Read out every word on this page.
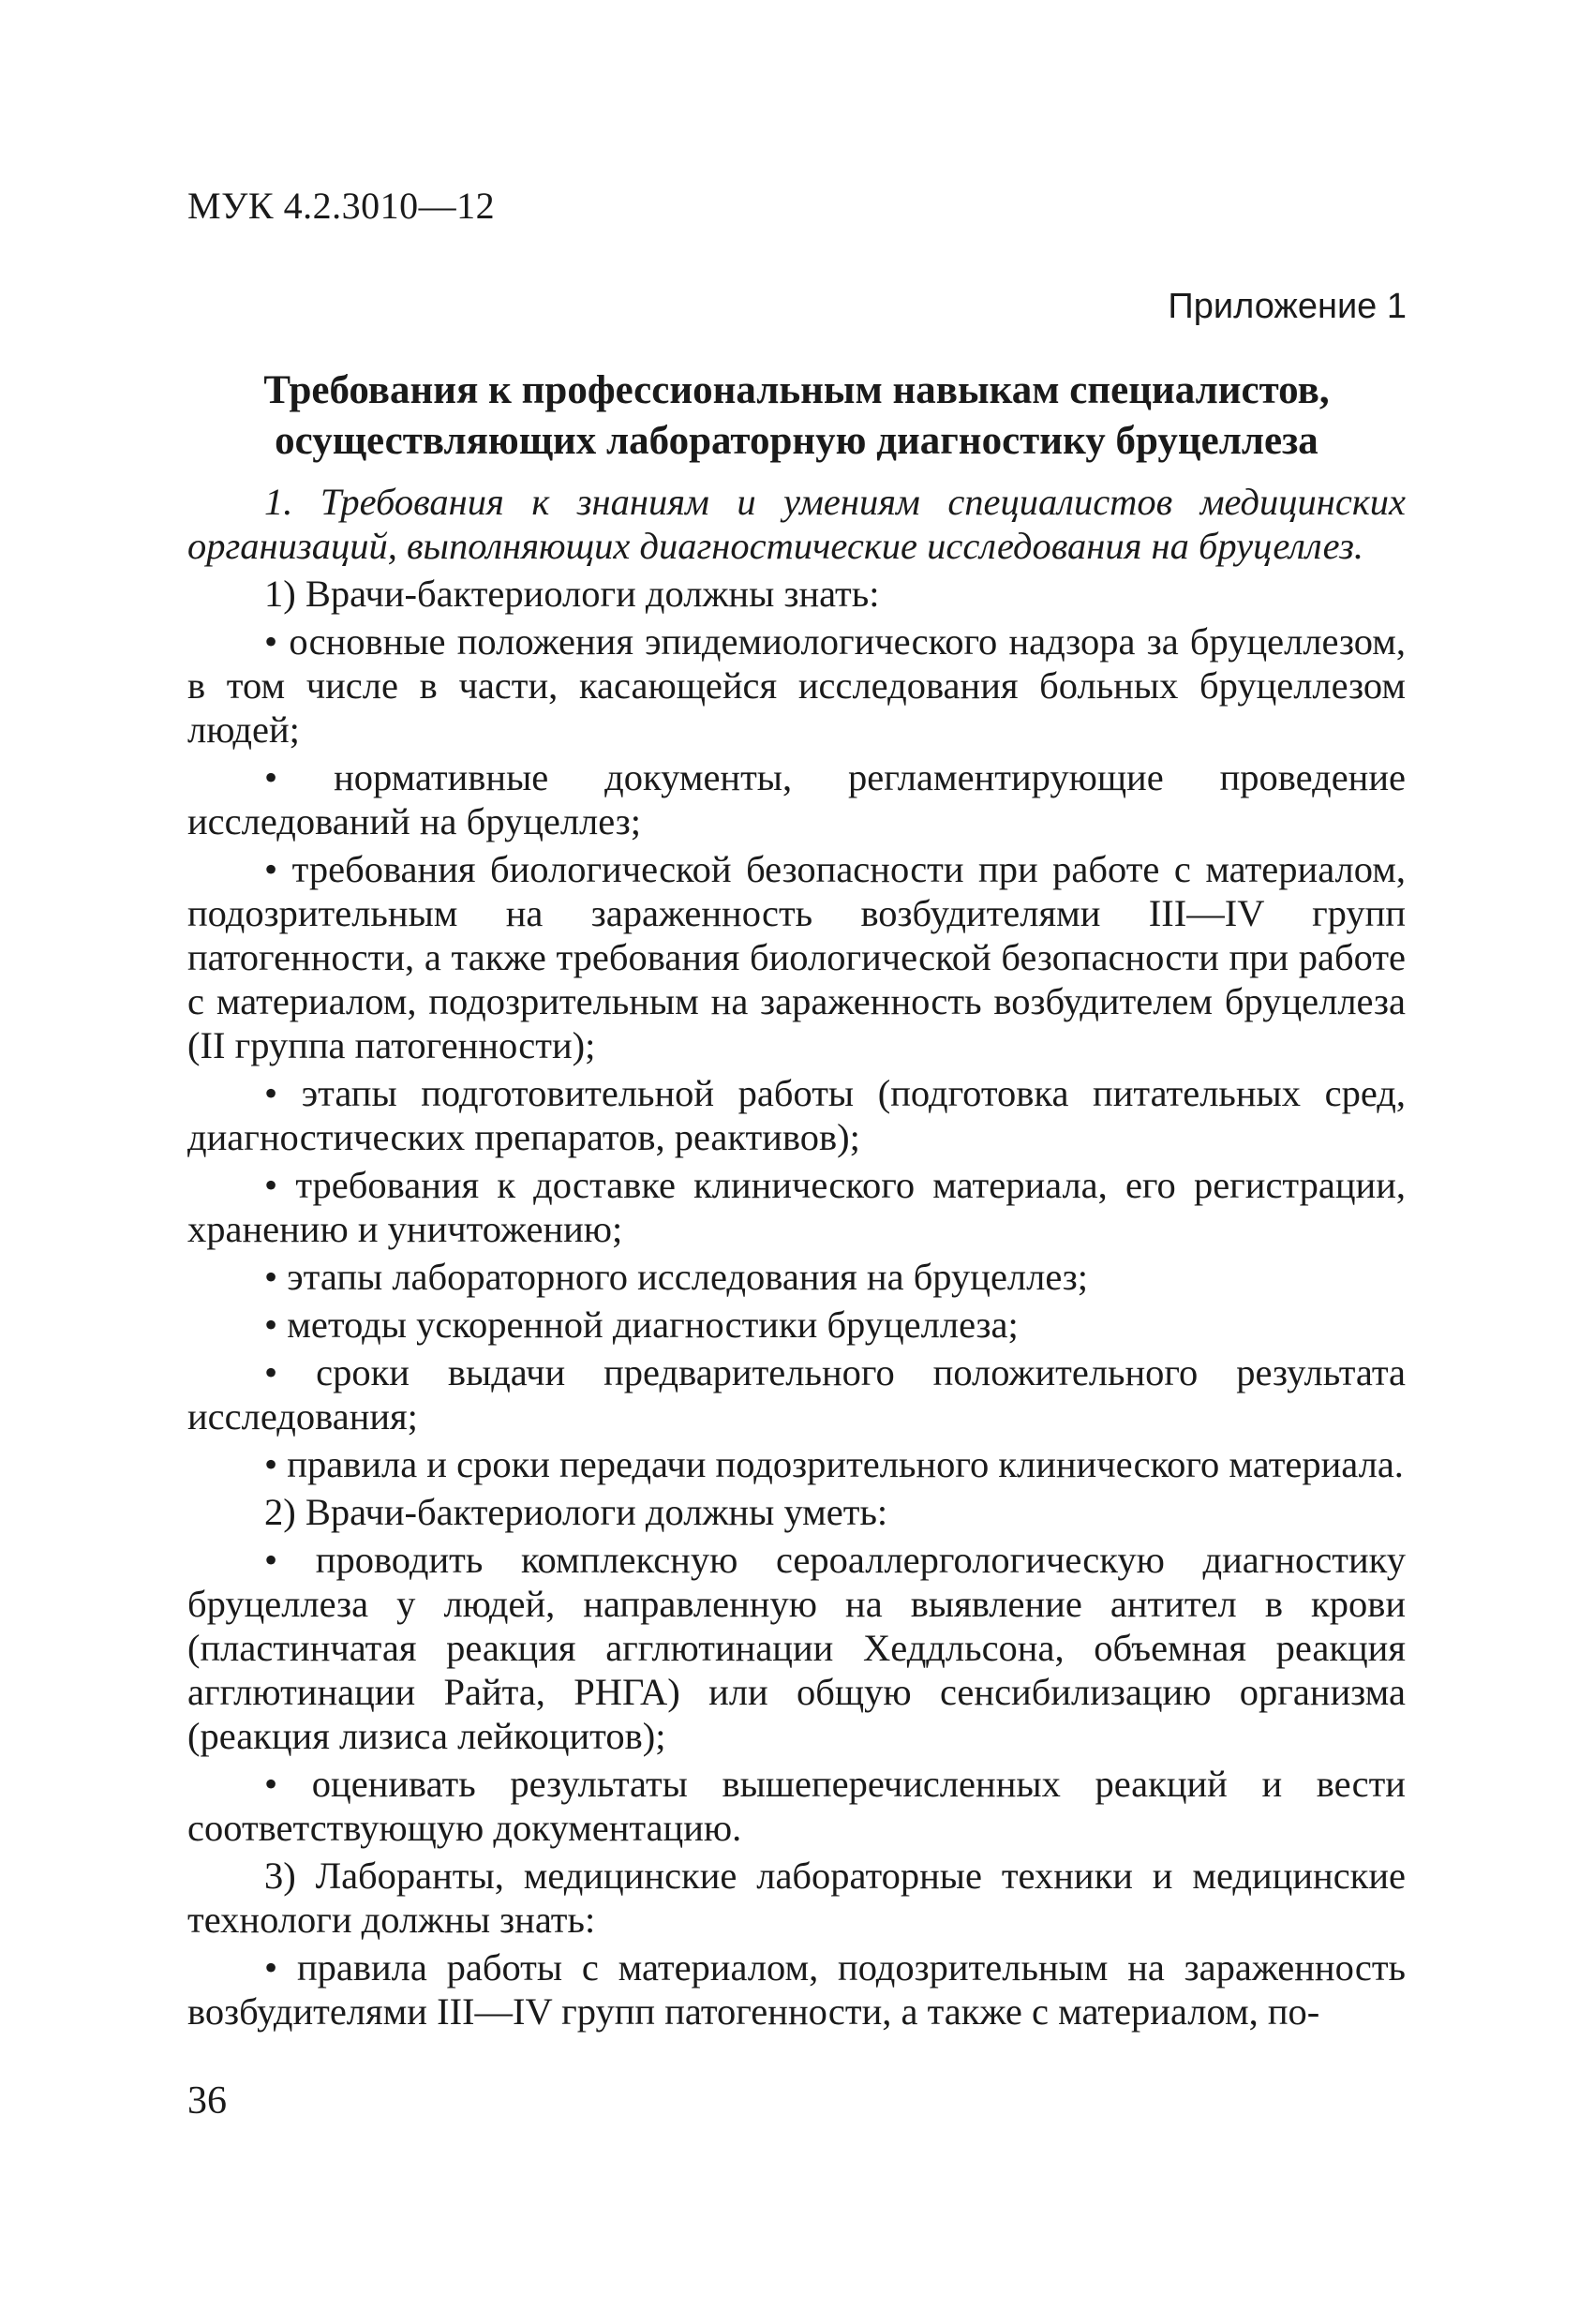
МУК 4.2.3010—12
Приложение 1
Требования к профессиональным навыкам специалистов,
осуществляющих лабораторную диагностику бруцеллеза

1. Требования к знаниям и умениям специалистов медицинских организаций, выполняющих диагностические исследования на бруцеллез.

1) Врачи-бактериологи должны знать:

• основные положения эпидемиологического надзора за бруцеллезом, в том числе в части, касающейся исследования больных бруцеллезом людей;

• нормативные документы, регламентирующие проведение исследований на бруцеллез;

• требования биологической безопасности при работе с материалом, подозрительным на зараженность возбудителями III—IV групп патогенности, а также требования биологической безопасности при работе с материалом, подозрительным на зараженность возбудителем бруцеллеза (II группа патогенности);

• этапы подготовительной работы (подготовка питательных сред, диагностических препаратов, реактивов);

• требования к доставке клинического материала, его регистрации, хранению и уничтожению;

• этапы лабораторного исследования на бруцеллез;

• методы ускоренной диагностики бруцеллеза;

• сроки выдачи предварительного положительного результата исследования;

• правила и сроки передачи подозрительного клинического материала.

2) Врачи-бактериологи должны уметь:

• проводить комплексную сероаллергологическую диагностику бруцеллеза у людей, направленную на выявление антител в крови (пластинчатая реакция агглютинации Хеддльсона, объемная реакция агглютинации Райта, РНГА) или общую сенсибилизацию организма (реакция лизиса лейкоцитов);

• оценивать результаты вышеперечисленных реакций и вести соответствующую документацию.

3) Лаборанты, медицинские лабораторные техники и медицинские технологи должны знать:

• правила работы с материалом, подозрительным на зараженность возбудителями III—IV групп патогенности, а также с материалом, по-

36
